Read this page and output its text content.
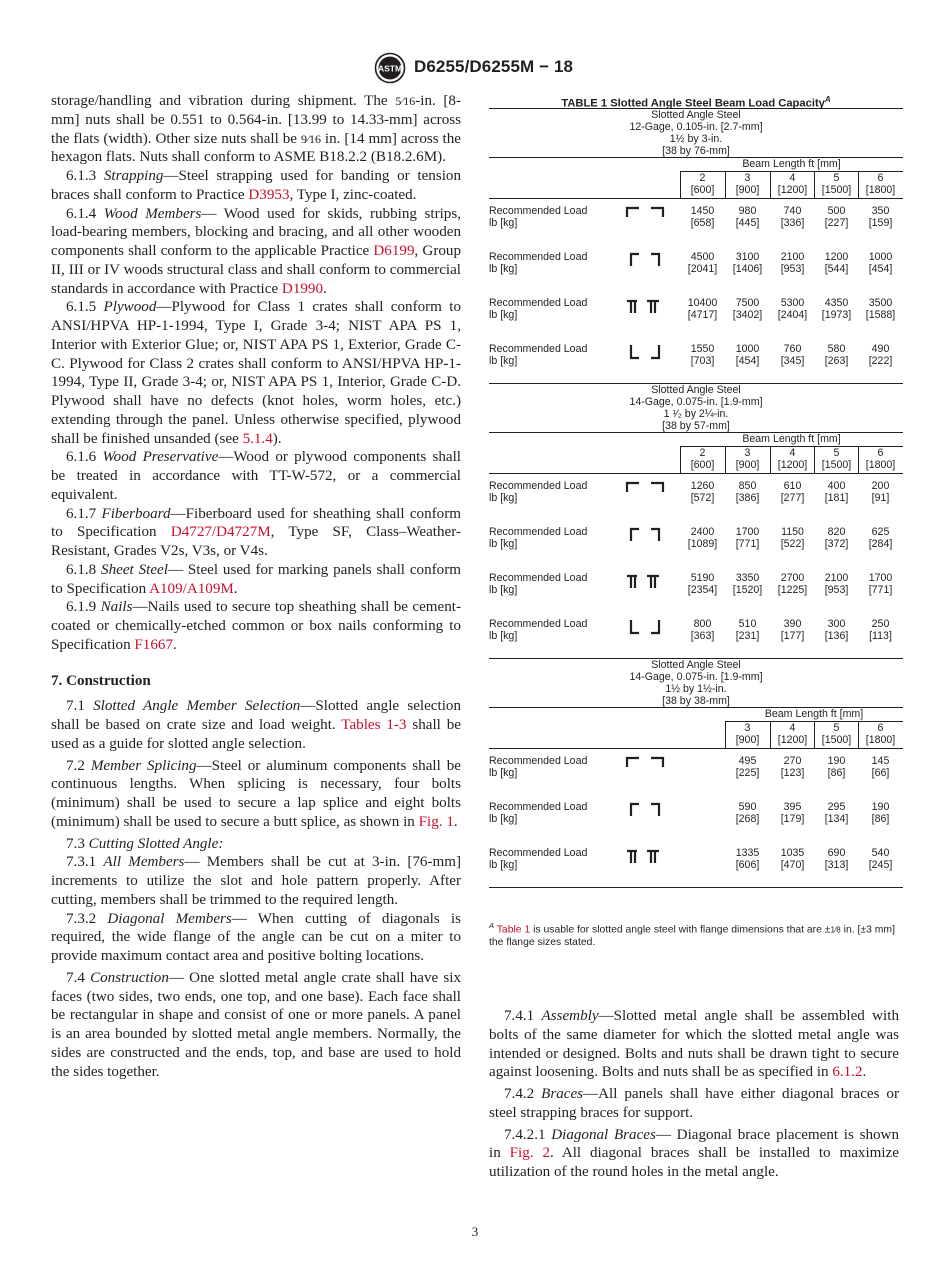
ASTM D6255/D6255M − 18

storage/handling and vibration during shipment. The 5⁄16-in. [8-mm] nuts shall be 0.551 to 0.564-in. [13.99 to 14.33-mm] across the flats (width). Other size nuts shall be 9⁄16 in. [14 mm] across the hexagon flats. Nuts shall conform to ASME B18.2.2 (B18.2.6M).

6.1.3 Strapping—Steel strapping used for banding or tension braces shall conform to Practice D3953, Type I, zinc-coated.

6.1.4 Wood Members— Wood used for skids, rubbing strips, load-bearing members, blocking and bracing, and all other wooden components shall conform to the applicable Practice D6199, Group II, III or IV woods structural class and shall conform to commercial standards in accordance with Practice D1990.

6.1.5 Plywood—Plywood for Class 1 crates shall conform to ANSI/HPVA HP-1-1994, Type I, Grade 3-4; NIST APA PS 1, Interior with Exterior Glue; or, NIST APA PS 1, Exterior, Grade C-C. Plywood for Class 2 crates shall conform to ANSI/HPVA HP-1-1994, Type II, Grade 3-4; or, NIST APA PS 1, Interior, Grade C-D. Plywood shall have no defects (knot holes, worm holes, etc.) extending through the panel. Unless otherwise specified, plywood shall be finished unsanded (see 5.1.4).

6.1.6 Wood Preservative—Wood or plywood components shall be treated in accordance with TT-W-572, or a commercial equivalent.

6.1.7 Fiberboard—Fiberboard used for sheathing shall conform to Specification D4727/D4727M, Type SF, Class–Weather-Resistant, Grades V2s, V3s, or V4s.

6.1.8 Sheet Steel— Steel used for marking panels shall conform to Specification A109/A109M.

6.1.9 Nails—Nails used to secure top sheathing shall be cement-coated or chemically-etched common or box nails conforming to Specification F1667.

7. Construction

7.1 Slotted Angle Member Selection—Slotted angle selection shall be based on crate size and load weight. Tables 1-3 shall be used as a guide for slotted angle selection.

7.2 Member Splicing—Steel or aluminum components shall be continuous lengths. When splicing is necessary, four bolts (minimum) shall be used to secure a lap splice and eight bolts (minimum) shall be used to secure a butt splice, as shown in Fig. 1.

7.3 Cutting Slotted Angle:

7.3.1 All Members— Members shall be cut at 3-in. [76-mm] increments to utilize the slot and hole pattern properly. After cutting, members shall be trimmed to the required length.

7.3.2 Diagonal Members— When cutting of diagonals is required, the wide flange of the angle can be cut on a miter to provide maximum contact area and positive bolting locations.

7.4 Construction— One slotted metal angle crate shall have six faces (two sides, two ends, one top, and one base). Each face shall be rectangular in shape and consist of one or more panels. A panel is an area bounded by slotted metal angle members. Normally, the sides are constructed and the ends, top, and base are used to hold the sides together.

TABLE 1 Slotted Angle Steel Beam Load Capacity$^A$
Slotted Angle Steel
12-Gage, 0.105-in. [2.7-mm]
1½ by 3-in.
[38 by 76-mm]
Beam Length ft [mm]
2
[600]
3
[900]
4
[1200]
5
[1500]
6
[1800]
Recommended Load
lb [kg]
1450
[658]
980
[445]
740
[336]
500
[227]
350
[159]
Recommended Load
lb [kg]
4500
[2041]
3100
[1406]
2100
[953]
1200
[544]
1000
[454]
Recommended Load
lb [kg]
10400
[4717]
7500
[3402]
5300
[2404]
4350
[1973]
3500
[1588]
Recommended Load
lb [kg]
1550
[703]
1000
[454]
760
[345]
580
[263]
490
[222]
Slotted Angle Steel
14-Gage, 0.075-in. [1.9-mm]
1 ¹⁄₂ by 2¼-in.
[38 by 57-mm]
Beam Length ft [mm]
2
[600]
3
[900]
4
[1200]
5
[1500]
6
[1800]
Recommended Load
lb [kg]
1260
[572]
850
[386]
610
[277]
400
[181]
200
[91]
Recommended Load
lb [kg]
2400
[1089]
1700
[771]
1150
[522]
820
[372]
625
[284]
Recommended Load
lb [kg]
5190
[2354]
3350
[1520]
2700
[1225]
2100
[953]
1700
[771]
Recommended Load
lb [kg]
800
[363]
510
[231]
390
[177]
300
[136]
250
[113]
Slotted Angle Steel
14-Gage, 0.075-in. [1.9-mm]
1½ by 1½-in.
[38 by 38-mm]
Beam Length ft [mm]
3
[900]
4
[1200]
5
[1500]
6
[1800]
Recommended Load
lb [kg]
495
[225]
270
[123]
190
[86]
145
[66]
Recommended Load
lb [kg]
590
[268]
395
[179]
295
[134]
190
[86]
Recommended Load
lb [kg]
1335
[606]
1035
[470]
690
[313]
540
[245]
$^A$ Table 1 is usable for slotted angle steel with flange dimensions that are ±1⁄8 in. [±3 mm] the flange sizes stated.

7.4.1 Assembly—Slotted metal angle shall be assembled with bolts of the same diameter for which the slotted metal angle was intended or designed. Bolts and nuts shall be drawn tight to secure against loosening. Bolts and nuts shall be as specified in 6.1.2.

7.4.2 Braces—All panels shall have either diagonal braces or steel strapping braces for support.

7.4.2.1 Diagonal Braces— Diagonal brace placement is shown in Fig. 2. All diagonal braces shall be installed to maximize utilization of the round holes in the metal angle.

3
